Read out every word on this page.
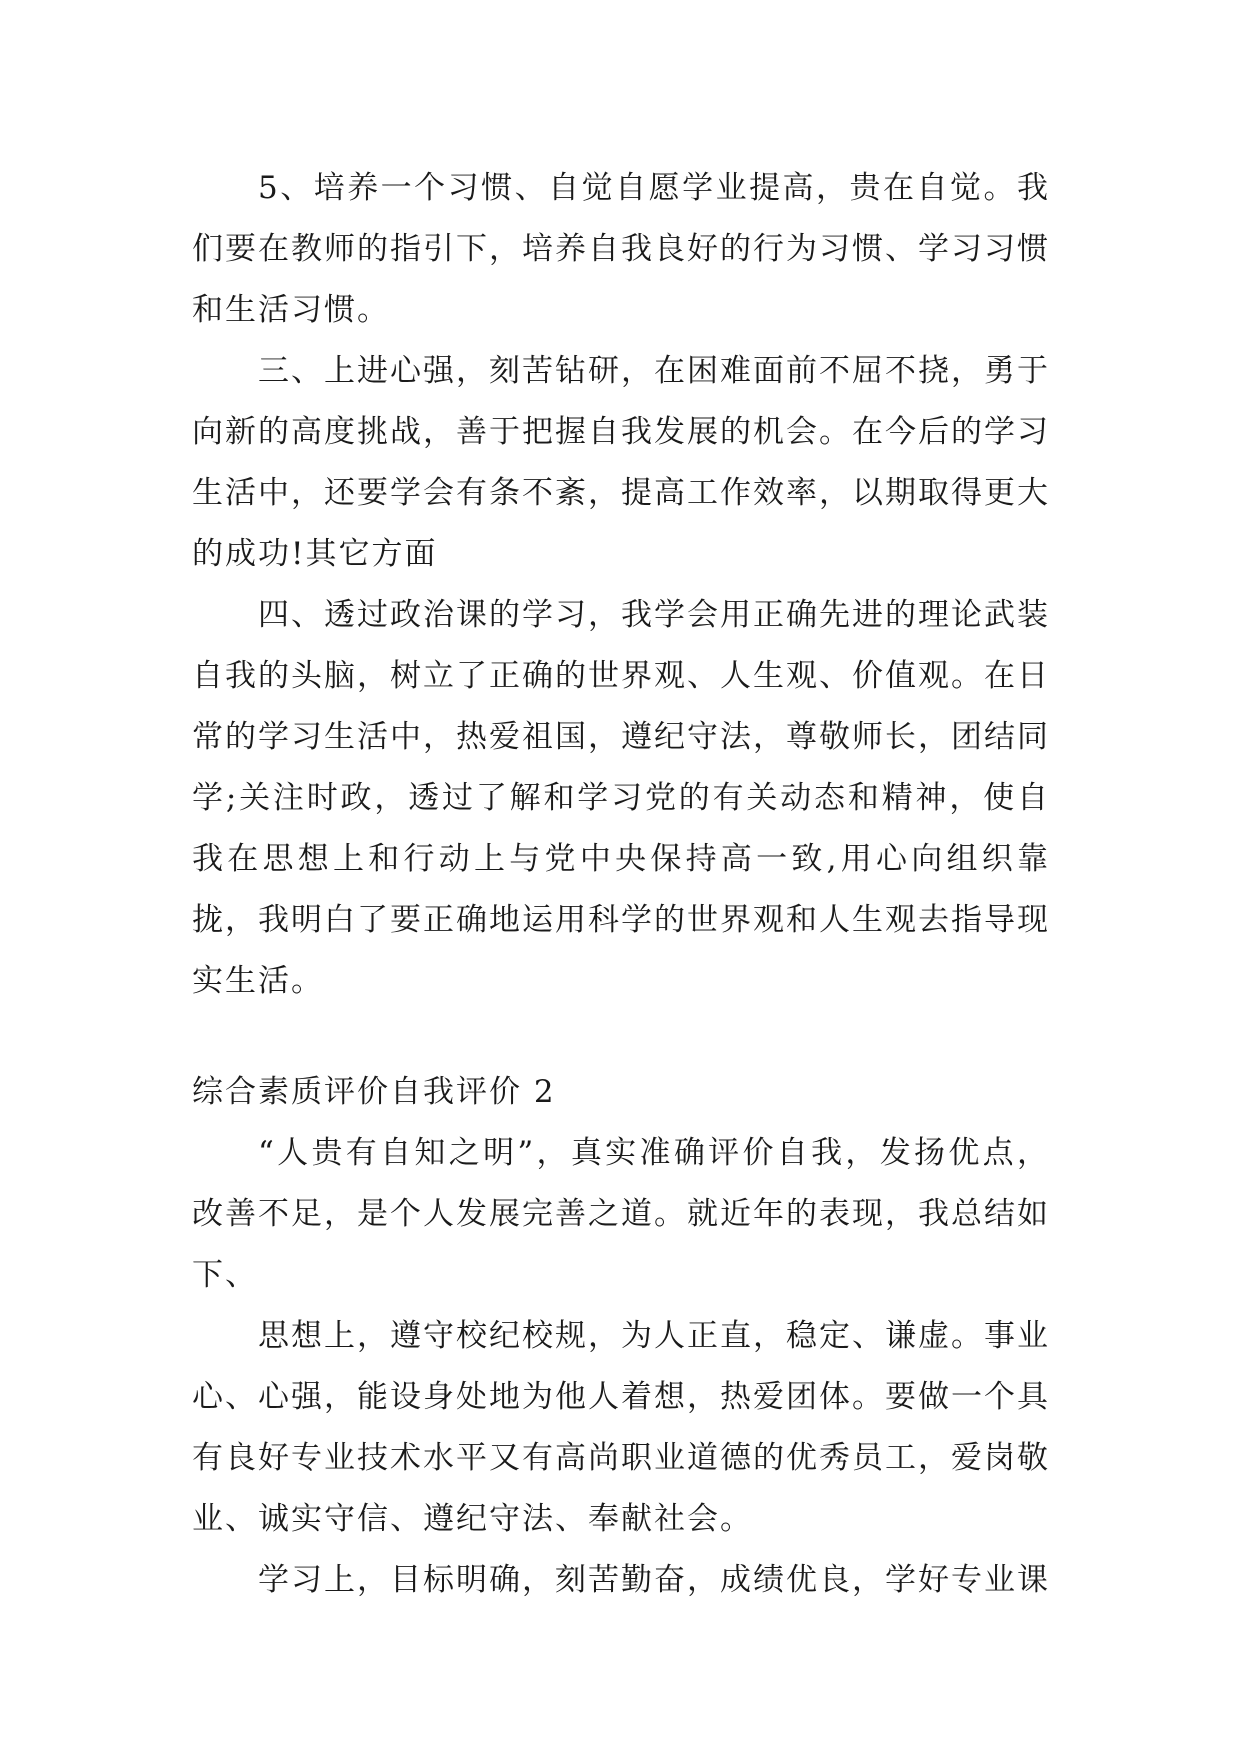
5、培养一个习惯、自觉自愿学业提高，贵在自觉。我们要在教师的指引下，培养自我良好的行为习惯、学习习惯和生活习惯。

三、上进心强，刻苦钻研，在困难面前不屈不挠，勇于向新的高度挑战，善于把握自我发展的机会。在今后的学习生活中，还要学会有条不紊，提高工作效率，以期取得更大的成功!其它方面

四、透过政治课的学习，我学会用正确先进的理论武装自我的头脑，树立了正确的世界观、人生观、价值观。在日常的学习生活中，热爱祖国，遵纪守法，尊敬师长，团结同学;关注时政，透过了解和学习党的有关动态和精神，使自我在思想上和行动上与党中央保持高一致,用心向组织靠拢，我明白了要正确地运用科学的世界观和人生观去指导现实生活。

综合素质评价自我评价 2

“人贵有自知之明”，真实准确评价自我，发扬优点，改善不足，是个人发展完善之道。就近年的表现，我总结如下、

思想上，遵守校纪校规，为人正直，稳定、谦虚。事业心、心强，能设身处地为他人着想，热爱团体。要做一个具有良好专业技术水平又有高尚职业道德的优秀员工，爱岗敬业、诚实守信、遵纪守法、奉献社会。

学习上，目标明确，刻苦勤奋，成绩优良，学好专业课
